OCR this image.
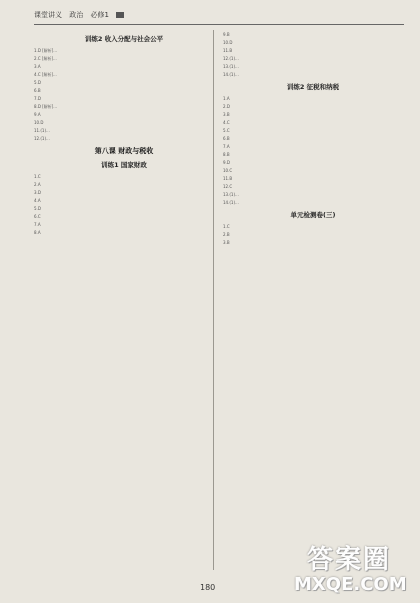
课堂讲义 政治 必修1
训练2 收入分配与社会公平
1.D [解析]...
2.C [解析]...
3.A
4.C [解析]...
5.D
6.B
7.D
8.D [解析]...
9.A
10.D
11.(1)...
12.(1)...
第八课 财政与税收
训练1 国家财政
1.C
2.A
3.D
4.A
5.D
6.C
7.A
8.A
9.B
10.D
11.B
12.(1)...
13.(1)...
14.(1)...
训练2 征税和纳税
1.A
2.D
3.B
4.C
5.C
6.B
7.A
8.B
9.D
10.C
11.B
12.C
13.(1)...
14.(1)...
单元检测卷(三)
1.C
2.B
3.B
180
答案圈
MXQE.COM
